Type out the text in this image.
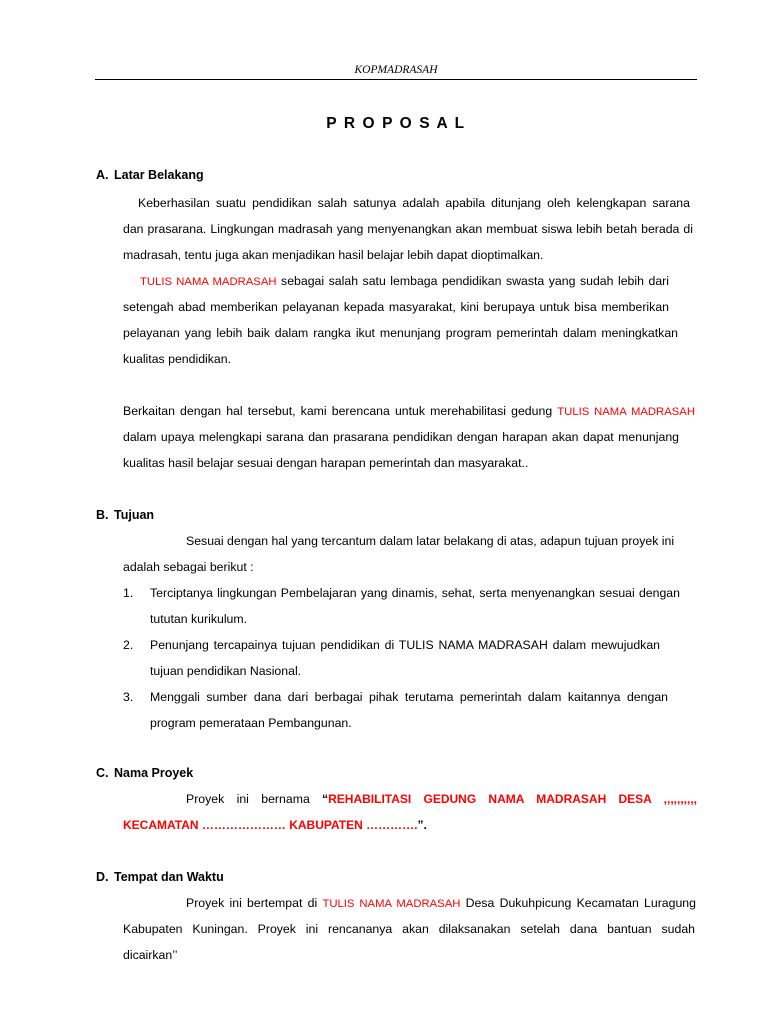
KOPMADRASAH
P R O P O S A L
A. Latar Belakang
Keberhasilan suatu pendidikan salah satunya adalah apabila ditunjang oleh kelengkapan sarana
dan prasarana. Lingkungan madrasah yang menyenangkan akan membuat siswa lebih betah berada di
madrasah, tentu juga akan menjadikan hasil belajar lebih dapat dioptimalkan.
TULIS NAMA MADRASAH sebagai salah satu lembaga pendidikan swasta yang sudah lebih dari
setengah abad memberikan pelayanan kepada masyarakat, kini berupaya untuk bisa memberikan
pelayanan yang lebih baik dalam rangka ikut menunjang program pemerintah dalam meningkatkan
kualitas pendidikan.
Berkaitan dengan hal tersebut, kami berencana untuk merehabilitasi gedung TULIS NAMA MADRASAH
dalam upaya melengkapi sarana dan prasarana pendidikan dengan harapan akan dapat menunjang
kualitas hasil belajar sesuai dengan harapan pemerintah dan masyarakat..
B. Tujuan
Sesuai dengan hal yang tercantum dalam latar belakang di atas, adapun tujuan proyek ini
adalah sebagai berikut :
1. Terciptanya lingkungan Pembelajaran yang dinamis, sehat, serta menyenangkan sesuai dengan
tututan kurikulum.
2. Penunjang tercapainya tujuan pendidikan di TULIS NAMA MADRASAH dalam mewujudkan
tujuan pendidikan Nasional.
3. Menggali sumber dana dari berbagai pihak terutama pemerintah dalam kaitannya dengan
program pemerataan Pembangunan.
C. Nama Proyek
Proyek ini bernama “REHABILITASI GEDUNG NAMA MADRASAH DESA ,,,,,,,,,,
KECAMATAN ………………… KABUPATEN ………….”.
D. Tempat dan Waktu
Proyek ini bertempat di TULIS NAMA MADRASAH Desa Dukuhpicung Kecamatan Luragung
Kabupaten Kuningan. Proyek ini rencananya akan dilaksanakan setelah dana bantuan sudah
dicairkan’’
